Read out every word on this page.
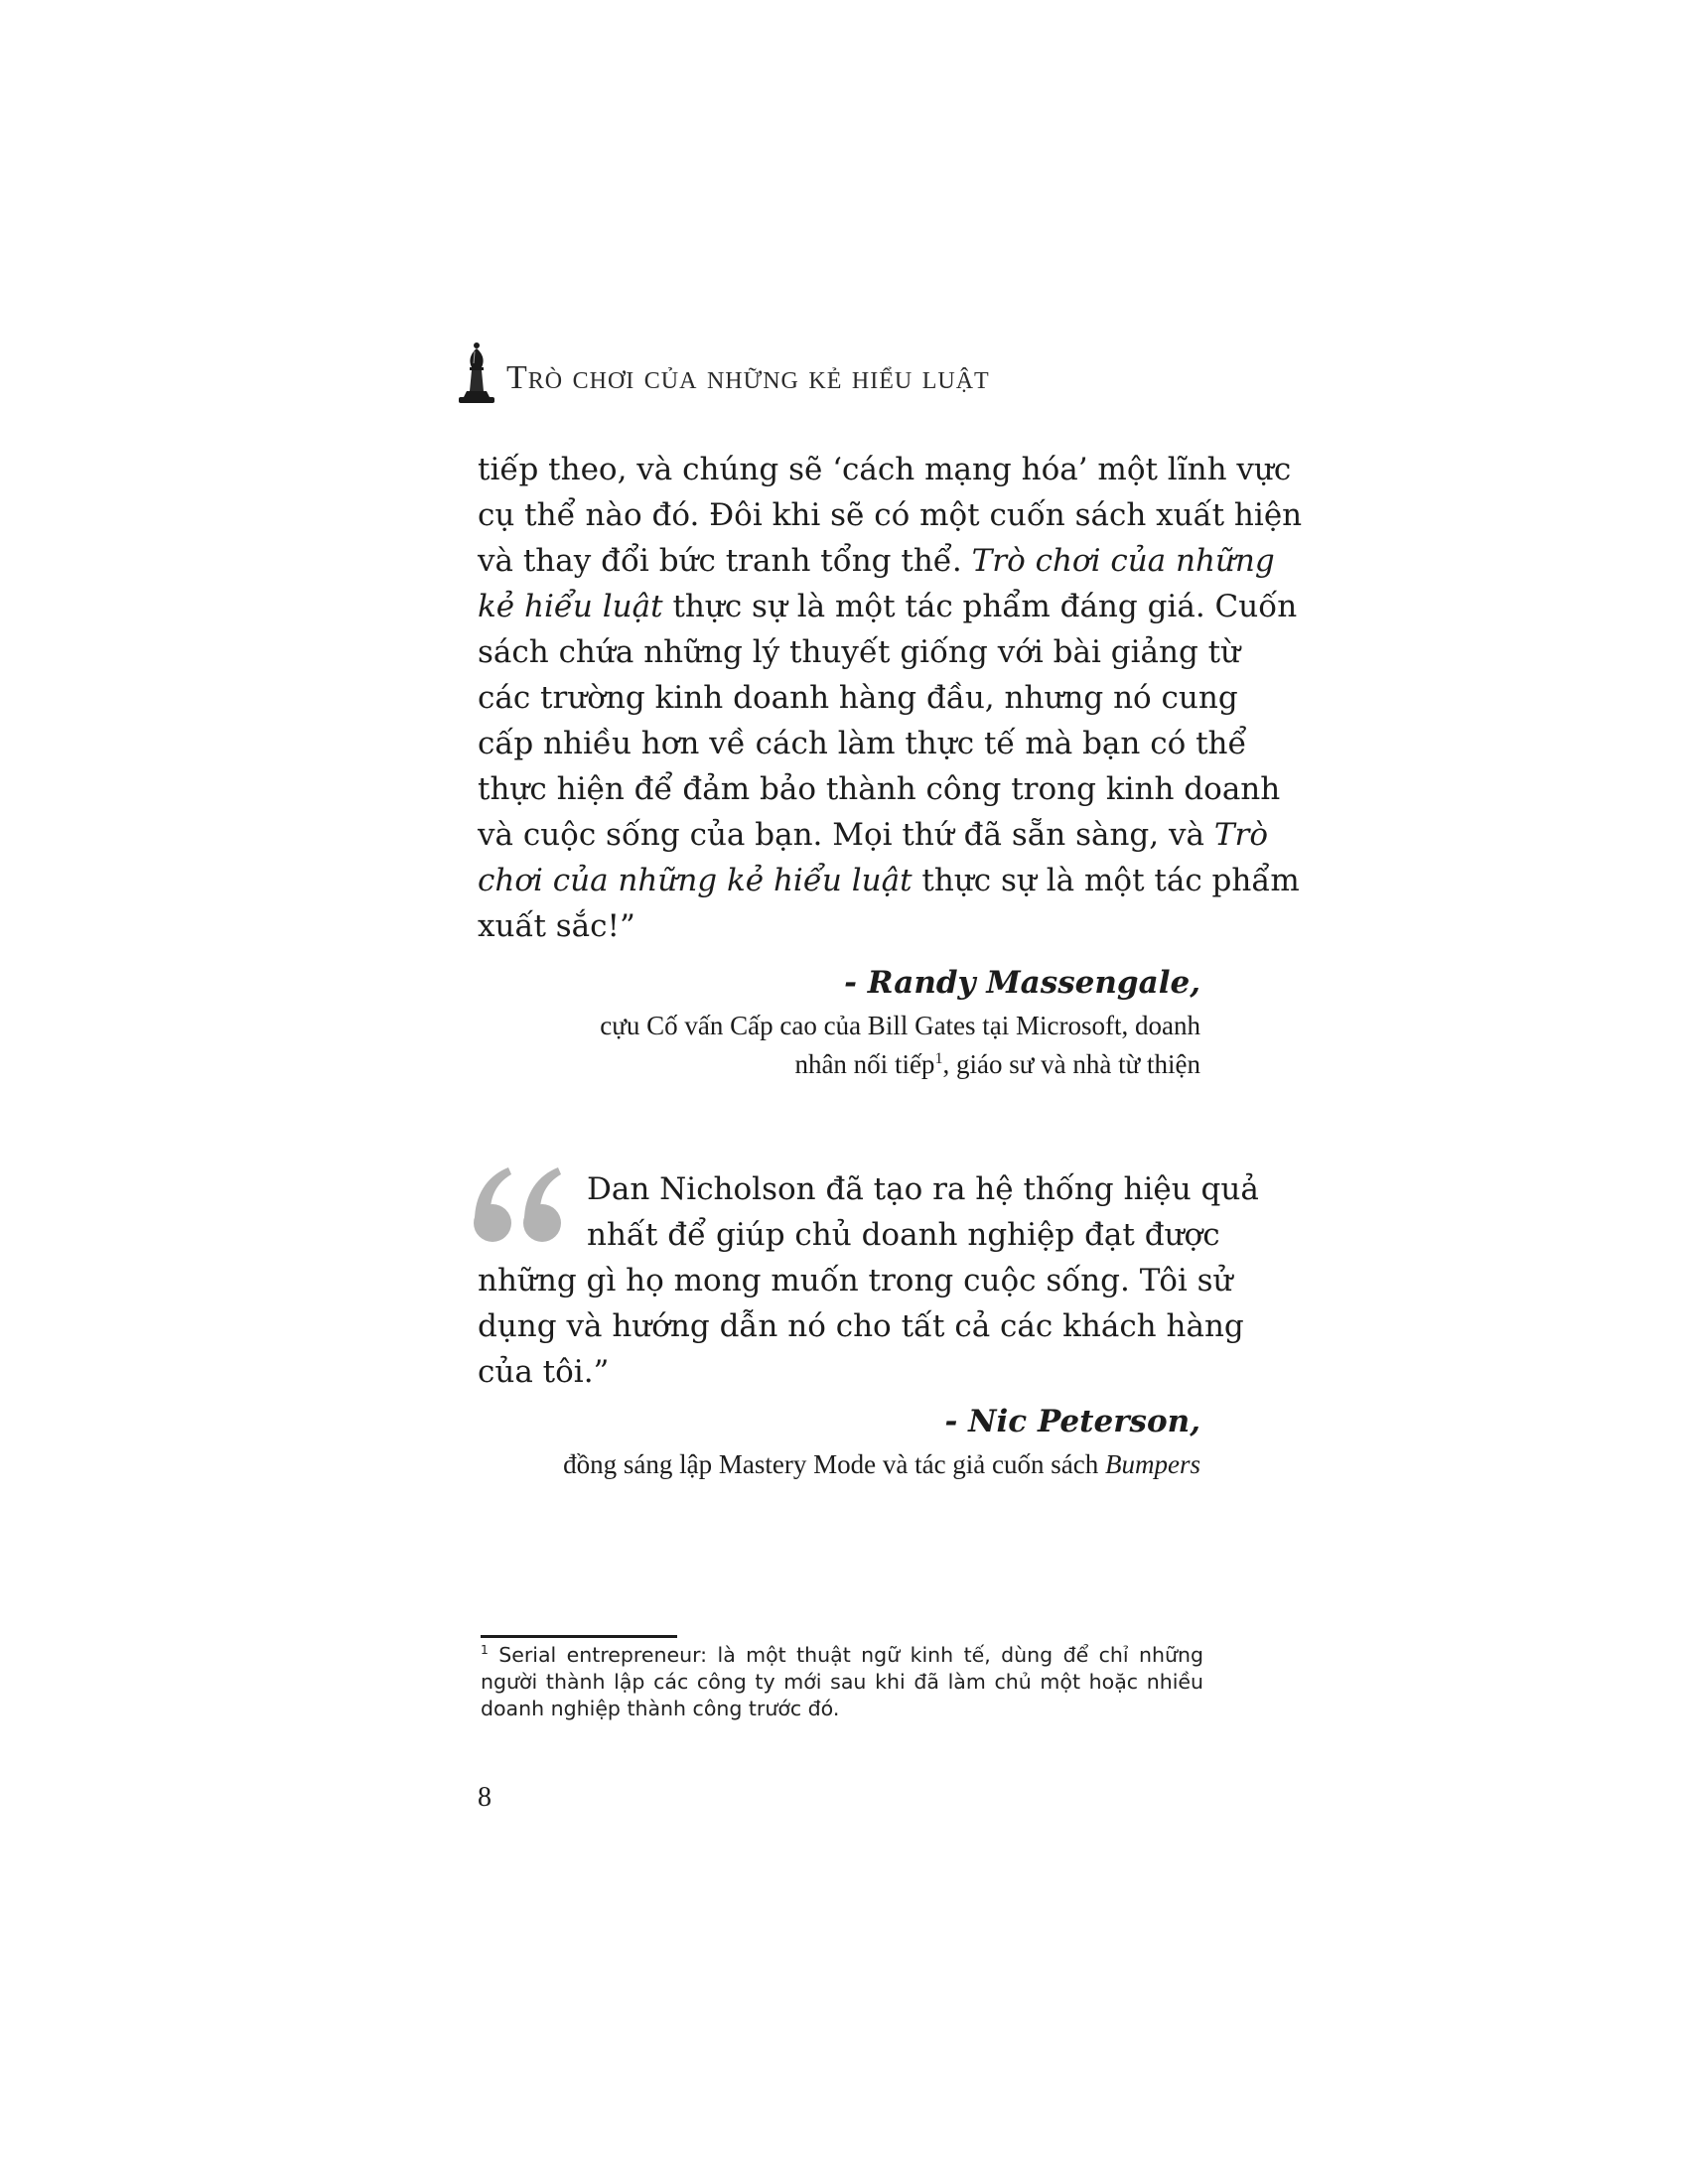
Trò chơi của những kẻ hiểu luật
tiếp theo, và chúng sẽ ‘cách mạng hóa’ một lĩnh vực
cụ thể nào đó. Đôi khi sẽ có một cuốn sách xuất hiện
và thay đổi bức tranh tổng thể. Trò chơi của những
kẻ hiểu luật thực sự là một tác phẩm đáng giá. Cuốn
sách chứa những lý thuyết giống với bài giảng từ
các trường kinh doanh hàng đầu, nhưng nó cung
cấp nhiều hơn về cách làm thực tế mà bạn có thể
thực hiện để đảm bảo thành công trong kinh doanh
và cuộc sống của bạn. Mọi thứ đã sẵn sàng, và Trò
chơi của những kẻ hiểu luật thực sự là một tác phẩm
xuất sắc!”
- Randy Massengale,
cựu Cố vấn Cấp cao của Bill Gates tại Microsoft, doanh
nhân nối tiếp$^1$, giáo sư và nhà từ thiện
Dan Nicholson đã tạo ra hệ thống hiệu quả
nhất để giúp chủ doanh nghiệp đạt được
những gì họ mong muốn trong cuộc sống. Tôi sử
dụng và hướng dẫn nó cho tất cả các khách hàng
của tôi.”
- Nic Peterson,
đồng sáng lập Mastery Mode và tác giả cuốn sách Bumpers
$^1$ Serial entrepreneur: là một thuật ngữ kinh tế, dùng để chỉ những
người thành lập các công ty mới sau khi đã làm chủ một hoặc nhiều
doanh nghiệp thành công trước đó.
8
